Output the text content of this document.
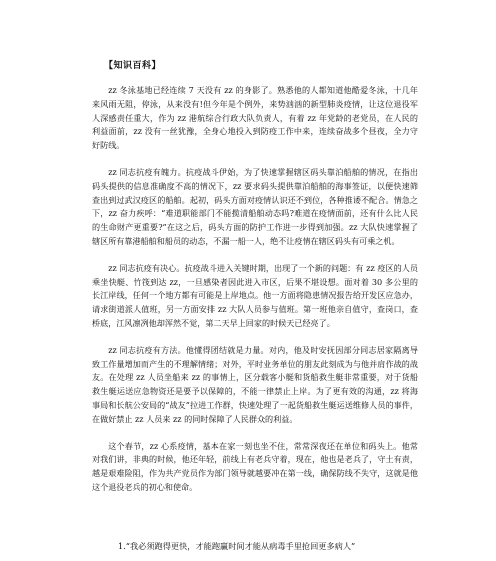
【知识百科】

zz 冬泳基地已经连续 7 天没有 zz 的身影了。熟悉他的人都知道他酷爱冬泳，十几年来风雨无阻，停泳，从来没有!但今年是个例外，来势汹汹的新型肺炎疫情，让这位退役军人深感责任重大，作为 zz 港航综合行政大队负责人，有着 zz 年党龄的老党员，在人民的利益面前，zz 没有一丝犹豫，全身心地投入到防疫工作中来，连续奋战多个昼夜，全力守好防线。

zz 同志抗疫有魄力。抗疫战斗伊始，为了快速掌握辖区码头靠泊船舶的情况，在指出码头提供的信息准确度不高的情况下，zz 要求码头提供靠泊船舶的海事签证，以便快速筛查出到过武汉疫区的船舶。起初，码头方面对疫情认识还不到位，各种推诿不配合。情急之下，zz 奋力疾呼：“难道职能部门不能揽清船舶动态吗?难道在疫情面前，还有什么比人民的生命财产更重要?”在这之后，码头方面的防护工作进一步得到加强。zz 大队快速掌握了辖区所有靠港船舶和船员的动态，不漏一船一人，绝不让疫情在辖区码头有可乘之机。

zz 同志抗疫有决心。抗疫战斗进入关键时期，出现了一个新的问题：有 zz 疫区的人员乘坐快艇、竹筏到达 zz，一旦感染者因此进入市区，后果不堪设想。面对着 30 多公里的长江岸线，任何一个地方都有可能是上岸地点。他一方面将隐患情况报告给开发区应急办，请求街道派人值班，另一方面安排 zz 大队人员参与值班。第一班他亲自值守，查岗口，查桥底，江风凛冽他却浑然不觉，第二天早上回家的时候天已经亮了。

zz 同志抗疫有方法。他懂得团结就是力量。对内，他及时安抚因部分同志居家隔离导致工作量增加而产生的不理解情绪；对外，平时业务单位的朋友此刻成为与他并肩作战的战友。在处理 zz 人员坐船来 zz 的事情上，区分载客小艇和货船救生艇非常重要，对于货船救生艇运送应急物资还是要予以保障的，不能一律禁止上岸。为了更有效的沟通，zz 将海事局和长航公安局的“战友”拉进工作群，快速处理了一起货船救生艇运送维修人员的事件，在做好禁止 zz 人员来 zz 的同时保障了人民群众的利益。

这个春节，zz 心系疫情，基本在家一刻也坐不住，常常深夜还在单位和码头上。他常对我们讲，非典的时候，他还年轻，前线上有老兵守着，现在，他也是老兵了，守土有责，越是艰难险阻，作为共产党员作为部门领导就越要冲在第一线，确保防线不失守，这就是他这个退役老兵的初心和使命。

1.“我必须跑得更快，才能跑赢时间才能从病毒手里抢回更多病人”
